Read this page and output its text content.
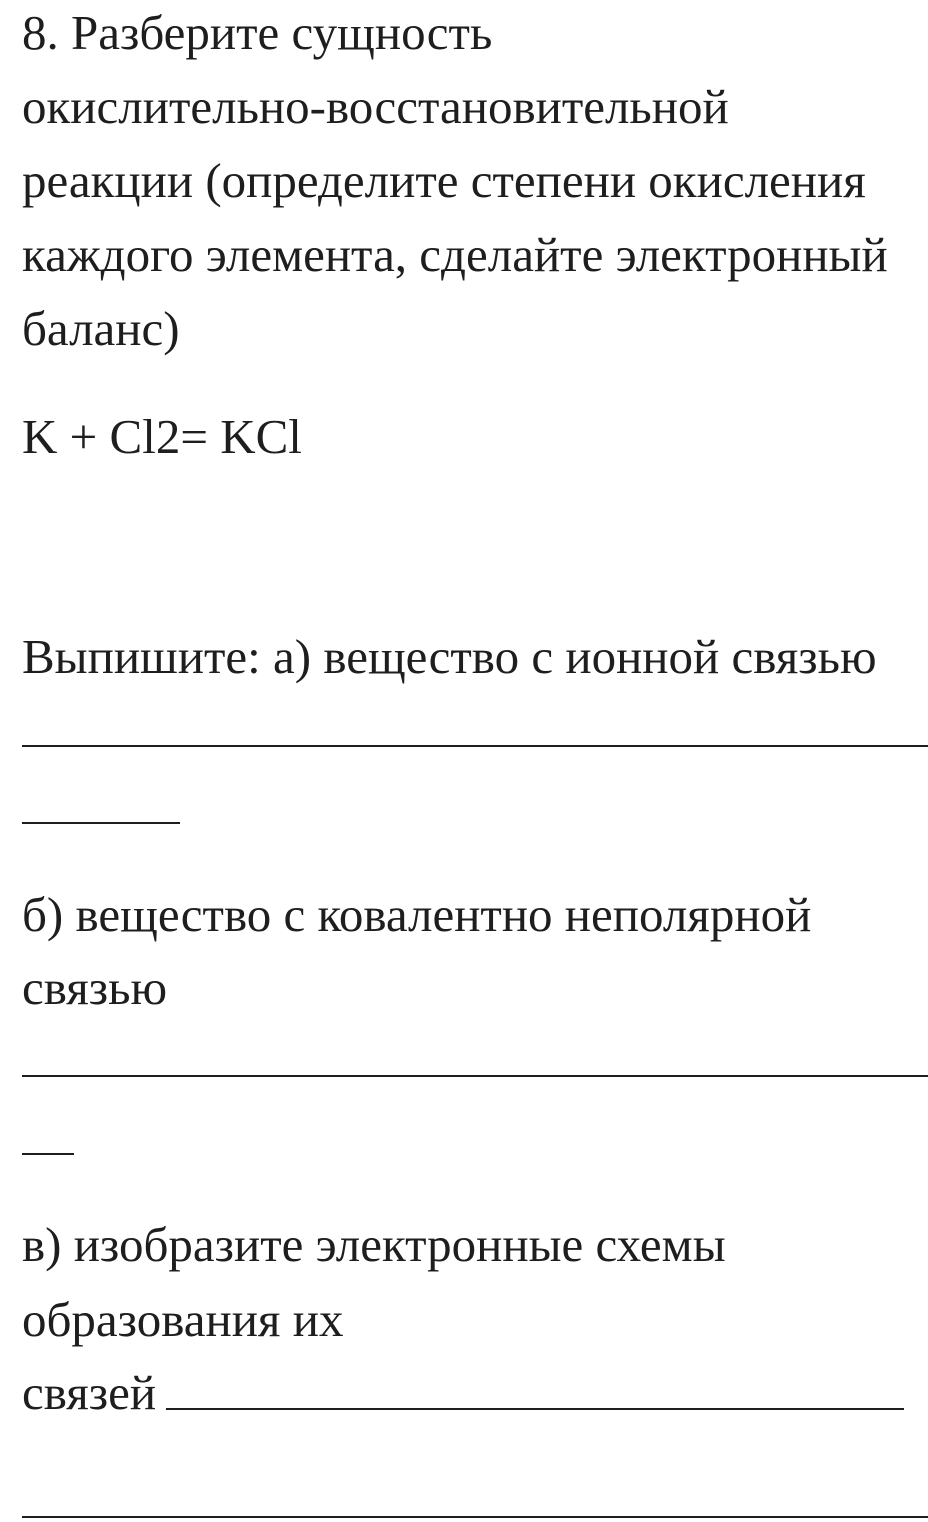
8. Разберите сущность
окислительно-восстановительной
реакции (определите степени окисления
каждого элемента, сделайте электронный
баланс)
K + Cl2= KCl
Выпишите: а) вещество с ионной связью
б) вещество с ковалентно неполярной
связью
в) изобразите электронные схемы
образования их
связей
